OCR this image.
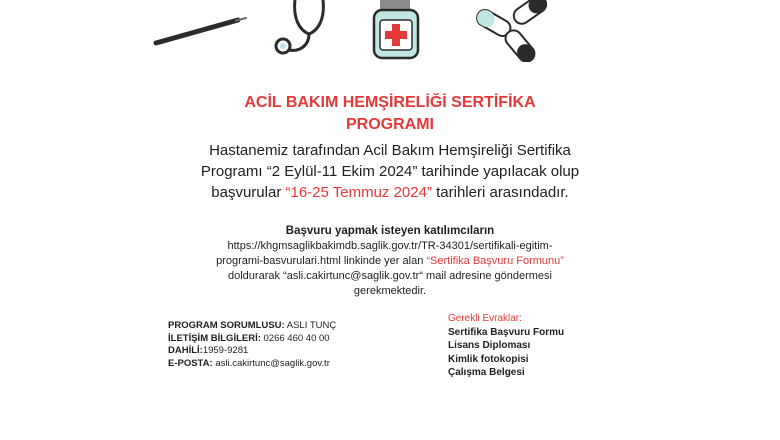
ACİL BAKIM HEMŞİRELİĞİ SERTİFİKA
PROGRAMI
Hastanemiz tarafından Acil Bakım Hemşireliği Sertifika
Programı “2 Eylül-11 Ekim 2024” tarihinde yapılacak olup
başvurular “16-25 Temmuz 2024” tarihleri arasındadır.
Başvuru yapmak isteyen katılımcıların
https://khgmsaglikbakimdb.saglik.gov.tr/TR-34301/sertifikali-egitim-
programi-basvurulari.html linkinde yer alan “Sertifika Başvuru Formunu”
doldurarak “asli.cakirtunc@saglik.gov.tr“ mail adresine göndermesi
gerekmektedir.
PROGRAM SORUMLUSU: ASLI TUNÇ
İLETİŞİM BİLGİLERİ: 0266 460 40 00
DAHİLİ:1959-9281
E-POSTA: asli.cakirtunc@saglik.gov.tr
Gerekli Evraklar:
Sertifika Başvuru Formu
Lisans Diploması
Kimlik fotokopisi
Çalışma Belgesi
